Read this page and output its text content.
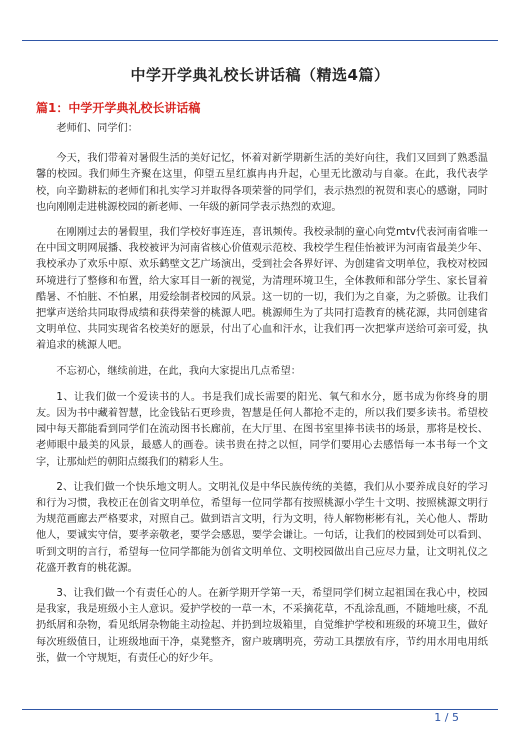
中学开学典礼校长讲话稿（精选4篇）
篇1：中学开学典礼校长讲话稿

老师们、同学们：

今天，我们带着对暑假生活的美好记忆，怀着对新学期新生活的美好向往，我们又回到了熟悉温馨的校园。我们师生齐聚在这里，仰望五星红旗冉冉升起，心里无比激动与自豪。在此，我代表学校，向辛勤耕耘的老师们和扎实学习并取得各项荣誉的同学们，表示热烈的祝贺和衷心的感谢，同时也向刚刚走进桃源校园的新老师、一年级的新同学表示热烈的欢迎。

在刚刚过去的暑假里，我们学校好事连连，喜讯频传。我校录制的童心向党mtv代表河南省唯一在中国文明网展播、我校被评为河南省核心价值观示范校、我校学生程佳怡被评为河南省最美少年、我校承办了欢乐中原、欢乐鹤壁文艺广场演出，受到社会各界好评、为创建省文明单位，我校对校园环境进行了整修和布置，给大家耳目一新的视觉，为清理环境卫生，全体教师和部分学生、家长冒着酷暑、不怕脏、不怕累，用爱绘制者校园的风景。这一切的一切，我们为之自豪，为之骄傲。让我们把掌声送给共同取得成绩和获得荣誉的桃源人吧。桃源师生为了共同打造教育的桃花源，共同创建省文明单位、共同实现省名校美好的愿景，付出了心血和汗水，让我们再一次把掌声送给可亲可爱，执着追求的桃源人吧。

不忘初心，继续前进，在此，我向大家提出几点希望：

1、让我们做一个爱读书的人。书是我们成长需要的阳光、氧气和水分，愿书成为你终身的朋友。因为书中藏着智慧，比金钱钻石更珍贵，智慧是任何人都抢不走的，所以我们要多读书。希望校园中每天都能看到同学们在流动图书长廊前，在大厅里、在图书室里捧书读书的场景，那将是校长、老师眼中最美的风景，最感人的画卷。读书贵在持之以恒，同学们要用心去感悟每一本书每一个文字，让那灿烂的朝阳点缀我们的精彩人生。

2、让我们做一个快乐地文明人。文明礼仪是中华民族传统的美德，我们从小要养成良好的学习和行为习惯，我校正在创省文明单位，希望每一位同学都有按照桃源小学生十文明、按照桃源文明行为规范画廊去严格要求，对照自己。做到语言文明，行为文明，待人解物彬彬有礼，关心他人、帮助他人，要诚实守信，要孝亲敬老，要学会感恩，要学会谦让。一句话，让我们的校园到处可以看到、听到文明的言行，希望每一位同学都能为创省文明单位、文明校园做出自己应尽力量，让文明礼仪之花盛开教育的桃花源。

3、让我们做一个有责任心的人。在新学期开学第一天，希望同学们树立起祖国在我心中，校园是我家，我是班级小主人意识。爱护学校的一草一木，不采摘花草，不乱涂乱画，不随地吐痰，不乱扔纸屑和杂物，看见纸屑杂物能主动捡起、并扔到垃圾箱里，自觉维护学校和班级的环境卫生，做好每次班级值日，让班级地面干净，桌凳整齐，窗户玻璃明亮，劳动工具摆放有序，节约用水用电用纸张，做一个守规矩，有责任心的好少年。

1 / 5
